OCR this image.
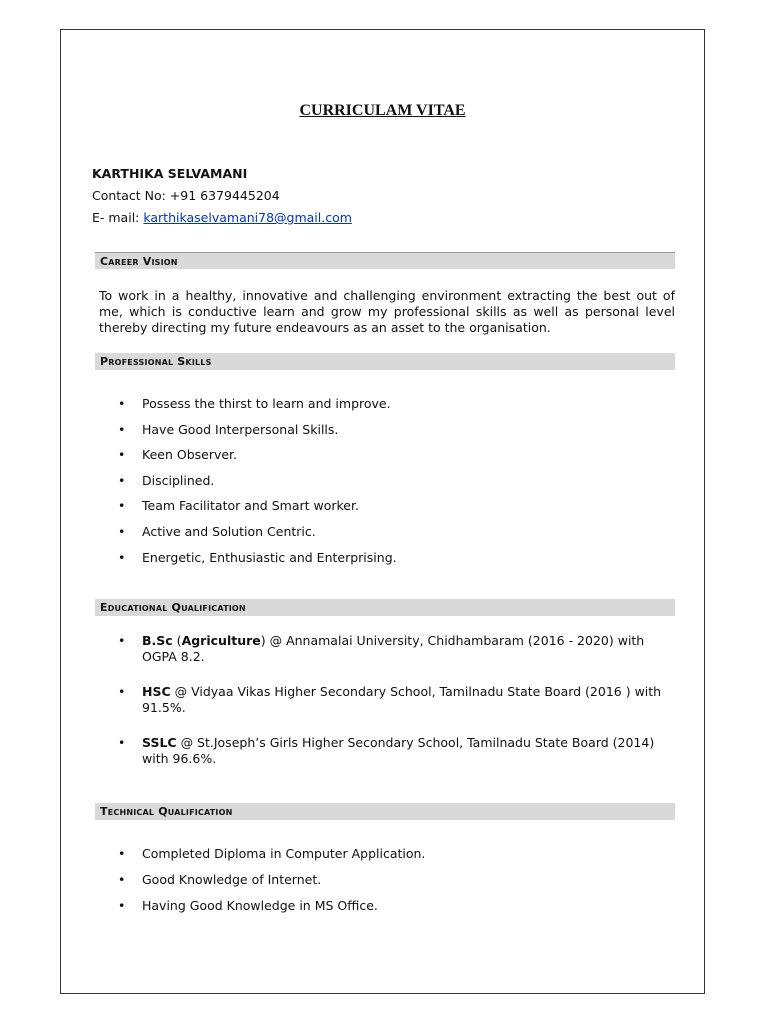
CURRICULAM VITAE
KARTHIKA SELVAMANI
Contact No: +91 6379445204
E- mail: karthikaselvamani78@gmail.com
Career Vision
To work in a healthy, innovative and challenging environment extracting the best out of me, which is conductive learn and grow my professional skills as well as personal level thereby directing my future endeavours as an asset to the organisation.
Professional Skills
• Possess the thirst to learn and improve.
• Have Good Interpersonal Skills.
• Keen Observer.
• Disciplined.
• Team Facilitator and Smart worker.
• Active and Solution Centric.
• Energetic, Enthusiastic and Enterprising.
Educational Qualification
• B.Sc (Agriculture) @ Annamalai University, Chidhambaram (2016 - 2020) with OGPA 8.2.
• HSC @ Vidyaa Vikas Higher Secondary School, Tamilnadu State Board (2016 ) with 91.5%.
• SSLC @ St.Joseph’s Girls Higher Secondary School, Tamilnadu State Board (2014) with 96.6%.
Technical Qualification
• Completed Diploma in Computer Application.
• Good Knowledge of Internet.
• Having Good Knowledge in MS Office.
